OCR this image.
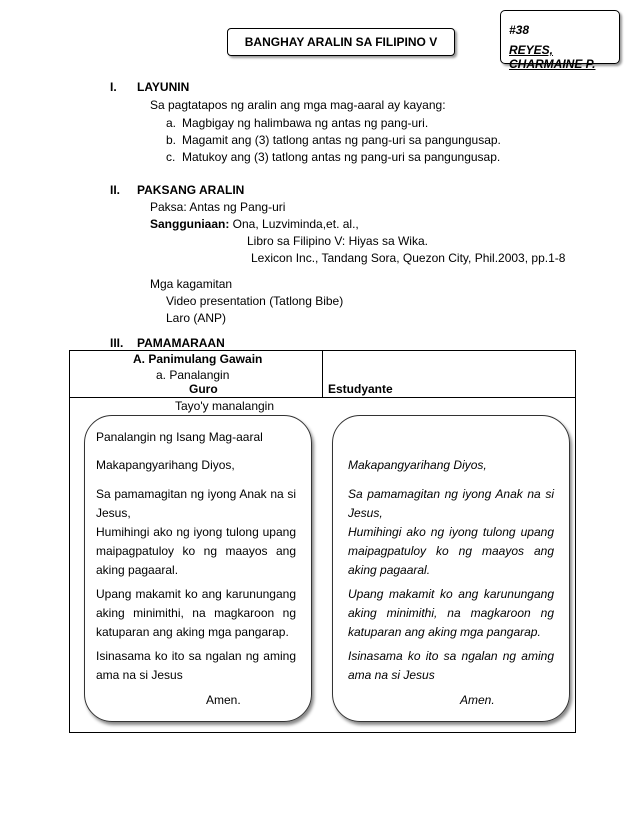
BANGHAY ARALIN SA FILIPINO V
#38
REYES, CHARMAINE P.
I. LAYUNIN
Sa pagtatapos ng aralin ang mga mag-aaral ay kayang:
a. Magbigay ng halimbawa ng antas ng pang-uri.
b. Magamit ang (3) tatlong antas ng pang-uri sa pangungusap.
c. Matukoy ang (3) tatlong antas ng pang-uri sa pangungusap.
II. PAKSANG ARALIN
Paksa: Antas ng Pang-uri
Sangguniaan: Ona, Luzviminda,et. al.,
Libro sa Filipino V: Hiyas sa Wika.
Lexicon Inc., Tandang Sora, Quezon City, Phil.2003, pp.1-8
Mga kagamitan
Video presentation (Tatlong Bibe)
Laro (ANP)
III. PAMAMARAAN
A. Panimulang Gawain
a. Panalangin
Guro	Estudyante
Tayo'y manalangin
Panalangin ng Isang Mag-aaral
Makapangyarihang Diyos,
Sa pamamagitan ng iyong Anak na si Jesus,
Humihingi ako ng iyong tulong upang maipagpatuloy ko ng maayos ang aking pagaaral.
Upang makamit ko ang karunungang aking minimithi, na magkaroon ng katuparan ang aking mga pangarap.
Isinasama ko ito sa ngalan ng aming ama na si Jesus
Amen.
Makapangyarihang Diyos,
Sa pamamagitan ng iyong Anak na si Jesus,
Humihingi ako ng iyong tulong upang maipagpatuloy ko ng maayos ang aking pagaaral.
Upang makamit ko ang karunungang aking minimithi, na magkaroon ng katuparan ang aking mga pangarap.
Isinasama ko ito sa ngalan ng aming ama na si Jesus
Amen.
